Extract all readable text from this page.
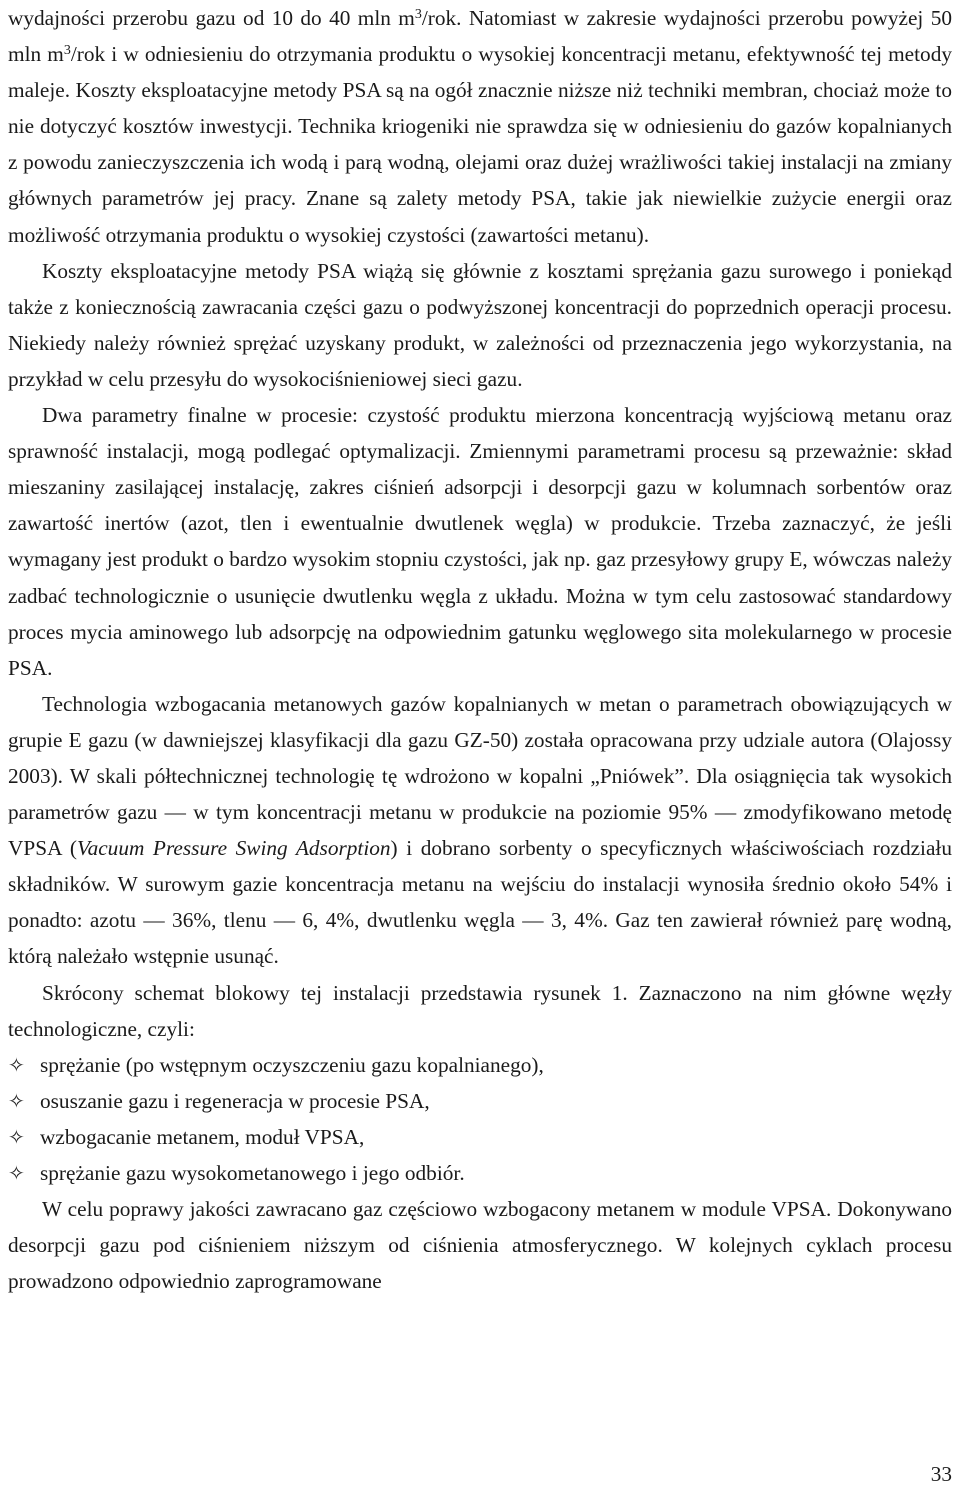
wydajności przerobu gazu od 10 do 40 mln $m^3$/rok. Natomiast w zakresie wydajności przerobu powyżej 50 mln $m^3$/rok i w odniesieniu do otrzymania produktu o wysokiej koncentracji metanu, efektywność tej metody maleje. Koszty eksploatacyjne metody PSA są na ogół znacznie niższe niż techniki membran, chociaż może to nie dotyczyć kosztów inwestycji. Technika kriogeniki nie sprawdza się w odniesieniu do gazów kopalnianych z powodu zanieczyszczenia ich wodą i parą wodną, olejami oraz dużej wrażliwości takiej instalacji na zmiany głównych parametrów jej pracy. Znane są zalety metody PSA, takie jak niewielkie zużycie energii oraz możliwość otrzymania produktu o wysokiej czystości (zawartości metanu).

Koszty eksploatacyjne metody PSA wiążą się głównie z kosztami sprężania gazu surowego i poniekąd także z koniecznością zawracania części gazu o podwyższonej koncentracji do poprzednich operacji procesu. Niekiedy należy również sprężać uzyskany produkt, w zależności od przeznaczenia jego wykorzystania, na przykład w celu przesyłu do wysokociśnieniowej sieci gazu.

Dwa parametry finalne w procesie: czystość produktu mierzona koncentracją wyjściową metanu oraz sprawność instalacji, mogą podlegać optymalizacji. Zmiennymi parametrami procesu są przeważnie: skład mieszaniny zasilającej instalację, zakres ciśnień adsorpcji i desorpcji gazu w kolumnach sorbentów oraz zawartość inertów (azot, tlen i ewentualnie dwutlenek węgla) w produkcie. Trzeba zaznaczyć, że jeśli wymagany jest produkt o bardzo wysokim stopniu czystości, jak np. gaz przesyłowy grupy E, wówczas należy zadbać technologicznie o usunięcie dwutlenku węgla z układu. Można w tym celu zastosować standardowy proces mycia aminowego lub adsorpcję na odpowiednim gatunku węglowego sita molekularnego w procesie PSA.

Technologia wzbogacania metanowych gazów kopalnianych w metan o parametrach obowiązujących w grupie E gazu (w dawniejszej klasyfikacji dla gazu GZ-50) została opracowana przy udziale autora (Olajossy 2003). W skali półtechnicznej technologię tę wdrożono w kopalni „Pniówek”. Dla osiągnięcia tak wysokich parametrów gazu — w tym koncentracji metanu w produkcie na poziomie 95% — zmodyfikowano metodę VPSA (Vacuum Pressure Swing Adsorption) i dobrano sorbenty o specyficznych właściwościach rozdziału składników. W surowym gazie koncentracja metanu na wejściu do instalacji wynosiła średnio około 54% i ponadto: azotu — 36%, tlenu — 6, 4%, dwutlenku węgla — 3, 4%. Gaz ten zawierał również parę wodną, którą należało wstępnie usunąć.

Skrócony schemat blokowy tej instalacji przedstawia rysunek 1. Zaznaczono na nim główne węzły technologiczne, czyli:

✧ sprężanie (po wstępnym oczyszczeniu gazu kopalnianego),
✧ osuszanie gazu i regeneracja w procesie PSA,
✧ wzbogacanie metanem, moduł VPSA,
✧ sprężanie gazu wysokometanowego i jego odbiór.

W celu poprawy jakości zawracano gaz częściowo wzbogacony metanem w module VPSA. Dokonywano desorpcji gazu pod ciśnieniem niższym od ciśnienia atmosferycznego. W kolejnych cyklach procesu prowadzono odpowiednio zaprogramowane

33
